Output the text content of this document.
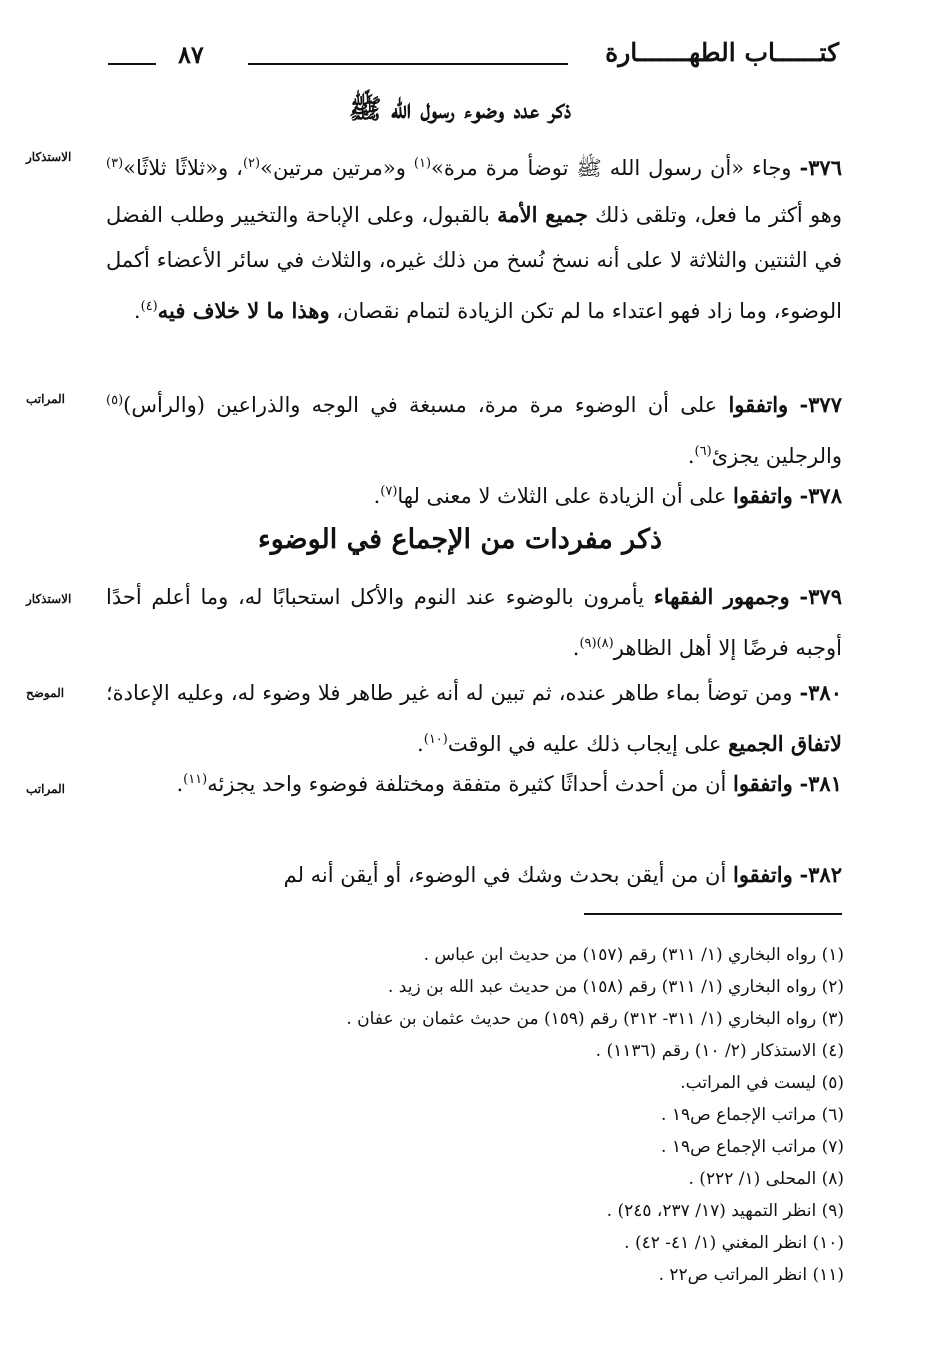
كتــــــاب الطهـــــــارة
٨٧
ذكر عدد وضوء رسول الله ﷺ
٣٧٦- وجاء «أن رسول الله ﷺ توضأ مرة مرة»$^{(١)}$ و«مرتين مرتين»$^{(٢)}$، و«ثلاثًا ثلاثًا»$^{(٣)}$ وهو أكثر ما فعل، وتلقى ذلك جميع الأمة بالقبول، وعلى الإباحة والتخيير وطلب الفضل في الثنتين والثلاثة لا على أنه نسخ نُسخ من ذلك غيره، والثلاث في سائر الأعضاء أكمل الوضوء، وما زاد فهو اعتداء ما لم تكن الزيادة لتمام نقصان، وهذا ما لا خلاف فيه$^{(٤)}$.
الاستذكار
٣٧٧- واتفقوا على أن الوضوء مرة مرة، مسبغة في الوجه والذراعين (والرأس)$^{(٥)}$ والرجلين يجزئ$^{(٦)}$.
المراتب
٣٧٨- واتفقوا على أن الزيادة على الثلاث لا معنى لها$^{(٧)}$.
ذكر مفردات من الإجماع في الوضوء
٣٧٩- وجمهور الفقهاء يأمرون بالوضوء عند النوم والأكل استحبابًا له، وما أعلم أحدًا أوجبه فرضًا إلا أهل الظاهر$^{(٨)(٩)}$.
الاستذكار
٣٨٠- ومن توضأ بماء طاهر عنده، ثم تبين له أنه غير طاهر فلا وضوء له، وعليه الإعادة؛ لاتفاق الجميع على إيجاب ذلك عليه في الوقت$^{(١٠)}$.
الموضح
٣٨١- واتفقوا أن من أحدث أحداثًا كثيرة متفقة ومختلفة فوضوء واحد يجزئه$^{(١١)}$.
المراتب
٣٨٢- واتفقوا أن من أيقن بحدث وشك في الوضوء، أو أيقن أنه لم
(١) رواه البخاري (١/ ٣١١) رقم (١٥٧) من حديث ابن عباس .
(٢) رواه البخاري (١/ ٣١١) رقم (١٥٨) من حديث عبد الله بن زيد .
(٣) رواه البخاري (١/ ٣١١- ٣١٢) رقم (١٥٩) من حديث عثمان بن عفان .
(٤) الاستذكار (٢/ ١٠) رقم (١١٣٦) .
(٥) ليست في المراتب.
(٦) مراتب الإجماع ص١٩ .
(٧) مراتب الإجماع ص١٩ .
(٨) المحلى (١/ ٢٢٢) .
(٩) انظر التمهيد (١٧/ ٢٣٧، ٢٤٥) .
(١٠) انظر المغني (١/ ٤١- ٤٢) .
(١١) انظر المراتب ص٢٢ .
